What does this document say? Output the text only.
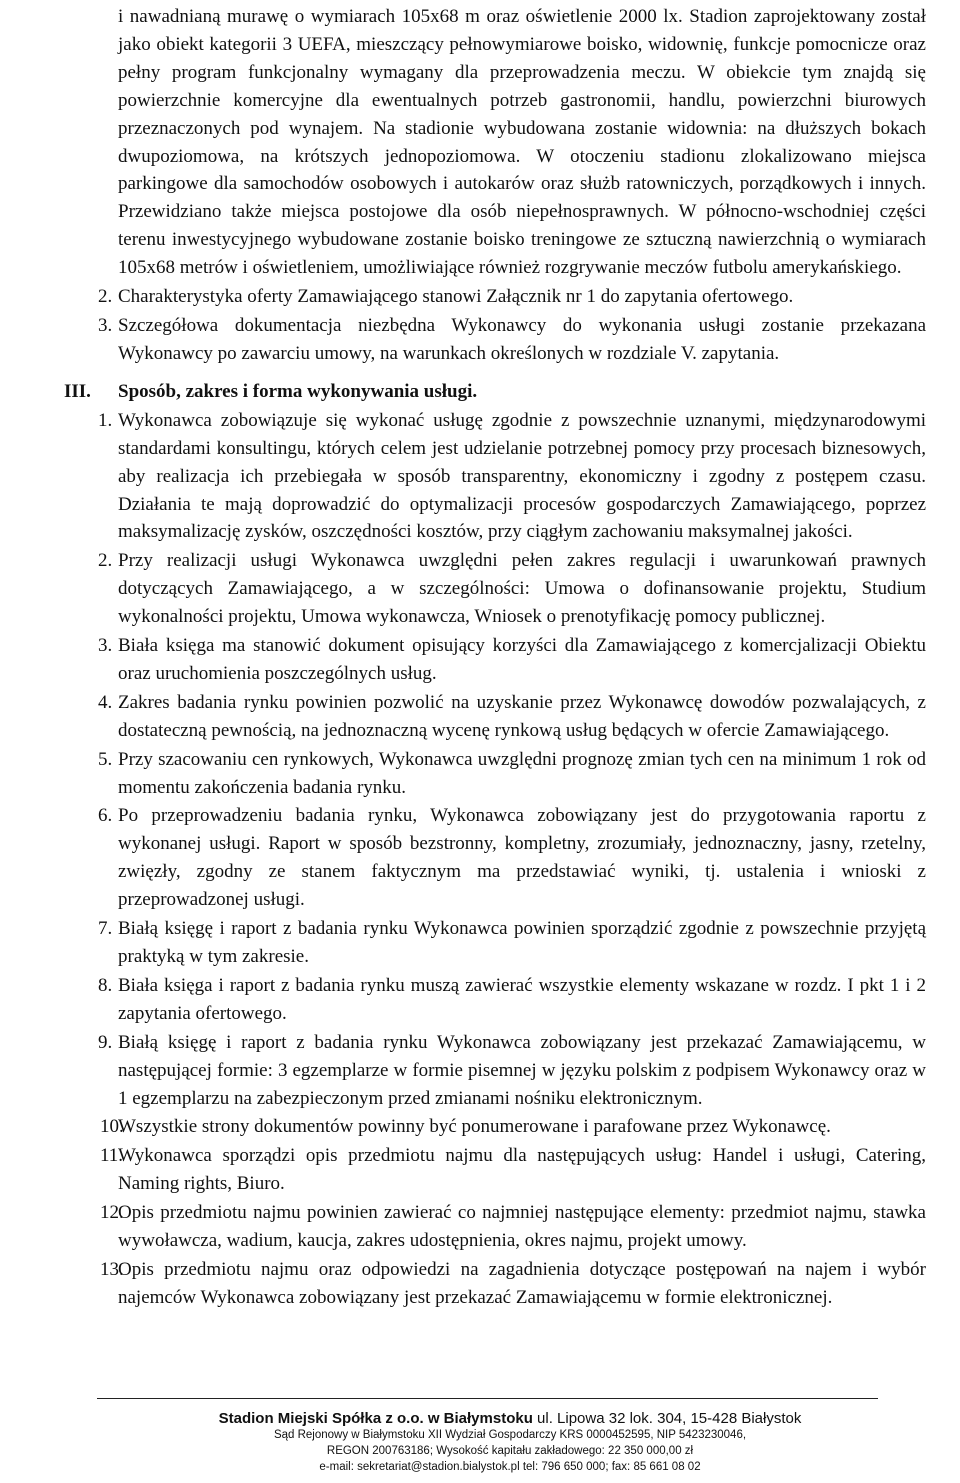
i nawadnianą murawę o wymiarach 105x68 m oraz oświetlenie 2000 lx. Stadion zaprojektowany został jako obiekt kategorii 3 UEFA, mieszczący pełnowymiarowe boisko, widownię, funkcje pomocnicze oraz pełny program funkcjonalny wymagany dla przeprowadzenia meczu. W obiekcie tym znajdą się powierzchnie komercyjne dla ewentualnych potrzeb gastronomii, handlu, powierzchni biurowych przeznaczonych pod wynajem. Na stadionie wybudowana zostanie widownia: na dłuższych bokach dwupoziomowa, na krótszych jednopoziomowa. W otoczeniu stadionu zlokalizowano miejsca parkingowe dla samochodów osobowych i autokarów oraz służb ratowniczych, porządkowych i innych. Przewidziano także miejsca postojowe dla osób niepełnosprawnych. W północno-wschodniej części terenu inwestycyjnego wybudowane zostanie boisko treningowe ze sztuczną nawierzchnią o wymiarach 105x68 metrów i oświetleniem, umożliwiające również rozgrywanie meczów futbolu amerykańskiego.

2. Charakterystyka oferty Zamawiającego stanowi Załącznik nr 1 do zapytania ofertowego.
3. Szczegółowa dokumentacja niezbędna Wykonawcy do wykonania usługi zostanie przekazana Wykonawcy po zawarciu umowy, na warunkach określonych w rozdziale V. zapytania.
III. Sposób, zakres i forma wykonywania usługi.
1. Wykonawca zobowiązuje się wykonać usługę zgodnie z powszechnie uznanymi, międzynarodowymi standardami konsultingu, których celem jest udzielanie potrzebnej pomocy przy procesach biznesowych, aby realizacja ich przebiegała w sposób transparentny, ekonomiczny i zgodny z postępem czasu. Działania te mają doprowadzić do optymalizacji procesów gospodarczych Zamawiającego, poprzez maksymalizację zysków, oszczędności kosztów, przy ciągłym zachowaniu maksymalnej jakości.
2. Przy realizacji usługi Wykonawca uwzględni pełen zakres regulacji i uwarunkowań prawnych dotyczących Zamawiającego, a w szczególności: Umowa o dofinansowanie projektu, Studium wykonalności projektu, Umowa wykonawcza, Wniosek o prenotyfikację pomocy publicznej.
3. Biała księga ma stanowić dokument opisujący korzyści dla Zamawiającego z komercjalizacji Obiektu oraz uruchomienia poszczególnych usług.
4. Zakres badania rynku powinien pozwolić na uzyskanie przez Wykonawcę dowodów pozwalających, z dostateczną pewnością, na jednoznaczną wycenę rynkową usług będących w ofercie Zamawiającego.
5. Przy szacowaniu cen rynkowych, Wykonawca uwzględni prognozę zmian tych cen na minimum 1 rok od momentu zakończenia badania rynku.
6. Po przeprowadzeniu badania rynku, Wykonawca zobowiązany jest do przygotowania raportu z wykonanej usługi. Raport w sposób bezstronny, kompletny, zrozumiały, jednoznaczny, jasny, rzetelny, zwięzły, zgodny ze stanem faktycznym ma przedstawiać wyniki, tj. ustalenia i wnioski z przeprowadzonej usługi.
7. Białą księgę i raport z badania rynku Wykonawca powinien sporządzić zgodnie z powszechnie przyjętą praktyką w tym zakresie.
8. Biała księga i raport z badania rynku muszą zawierać wszystkie elementy wskazane w rozdz. I pkt 1 i 2 zapytania ofertowego.
9. Białą księgę i raport z badania rynku Wykonawca zobowiązany jest przekazać Zamawiającemu, w następującej formie: 3 egzemplarze w formie pisemnej w języku polskim z podpisem Wykonawcy oraz w 1 egzemplarzu na zabezpieczonym przed zmianami nośniku elektronicznym.
10.
Wszystkie strony dokumentów powinny być ponumerowane i parafowane przez Wykonawcę.
11.
Wykonawca sporządzi opis przedmiotu najmu dla następujących usług: Handel i usługi, Catering, Naming rights, Biuro.
12.
Opis przedmiotu najmu powinien zawierać co najmniej następujące elementy: przedmiot najmu, stawka wywoławcza, wadium, kaucja, zakres udostępnienia, okres najmu, projekt umowy.
13.
Opis przedmiotu najmu oraz odpowiedzi na zagadnienia dotyczące postępowań na najem i wybór najemców Wykonawca zobowiązany jest przekazać Zamawiającemu w formie elektronicznej.
Stadion Miejski Spółka z o.o. w Białymstoku ul. Lipowa 32 lok. 304, 15-428 Białystok
Sąd Rejonowy w Białymstoku XII Wydział Gospodarczy KRS 0000452595, NIP 5423230046,
REGON 200763186; Wysokość kapitału zakładowego: 22 350 000,00 zł
e-mail: sekretariat@stadion.bialystok.pl tel: 796 650 000; fax: 85 661 08 02
